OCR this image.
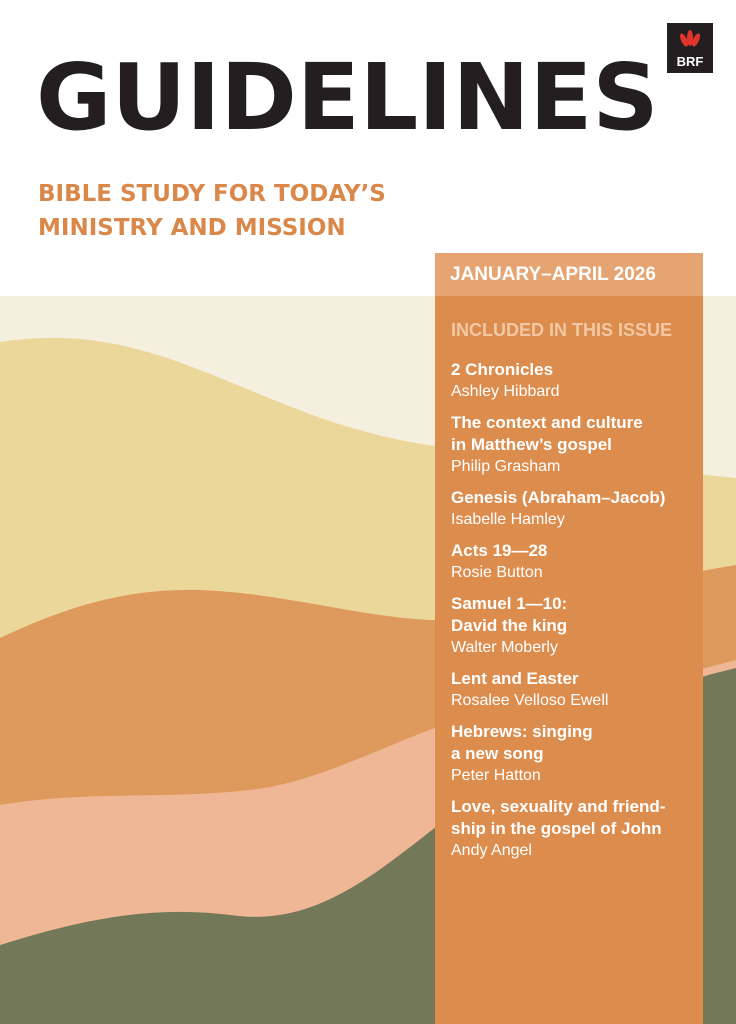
GUIDELINES

BIBLE STUDY FOR TODAY’S MINISTRY AND MISSION

BRF
JANUARY–APRIL 2026
INCLUDED IN THIS ISSUE
2 Chronicles
Ashley Hibbard
The context and culture
in Matthew’s gospel
Philip Grasham
Genesis (Abraham–Jacob)
Isabelle Hamley
Acts 19—28
Rosie Button
Samuel 1—10:
David the king
Walter Moberly
Lent and Easter
Rosalee Velloso Ewell
Hebrews: singing
a new song
Peter Hatton
Love, sexuality and friend-
ship in the gospel of John
Andy Angel
